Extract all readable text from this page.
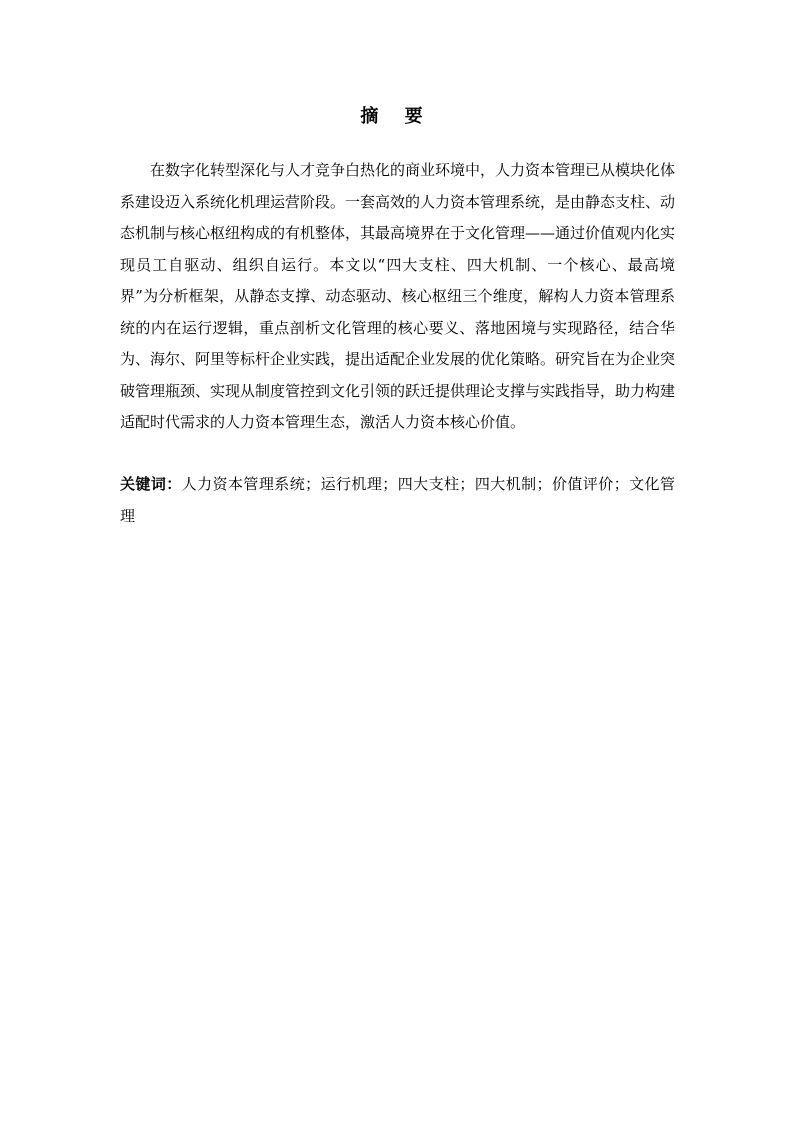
摘 要

在数字化转型深化与人才竞争白热化的商业环境中，人力资本管理已从模块化体系建设迈入系统化机理运营阶段。一套高效的人力资本管理系统，是由静态支柱、动态机制与核心枢纽构成的有机整体，其最高境界在于文化管理——通过价值观内化实现员工自驱动、组织自运行。本文以“四大支柱、四大机制、一个核心、最高境界”为分析框架，从静态支撑、动态驱动、核心枢纽三个维度，解构人力资本管理系统的内在运行逻辑，重点剖析文化管理的核心要义、落地困境与实现路径，结合华为、海尔、阿里等标杆企业实践，提出适配企业发展的优化策略。研究旨在为企业突破管理瓶颈、实现从制度管控到文化引领的跃迁提供理论支撑与实践指导，助力构建适配时代需求的人力资本管理生态，激活人力资本核心价值。

关键词：人力资本管理系统；运行机理；四大支柱；四大机制；价值评价；文化管理
